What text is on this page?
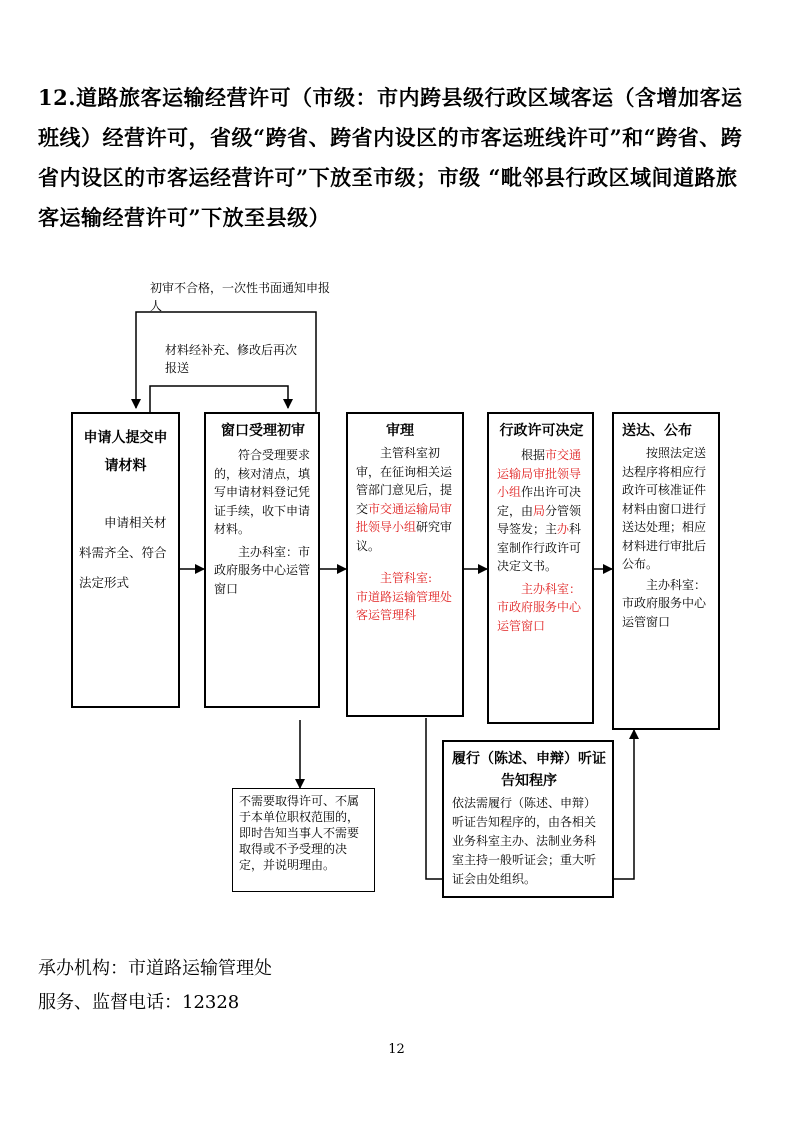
12.道路旅客运输经营许可（市级：市内跨县级行政区域客运（含增加客运班线）经营许可，省级“跨省、跨省内设区的市客运班线许可”和“跨省、跨省内设区的市客运经营许可”下放至市级；市级 “毗邻县行政区域间道路旅客运输经营许可”下放至县级）
初审不合格，一次性书面通知申报人
材料经补充、修改后再次报送
申请人提交申请材料
申请相关材料需齐全、符合法定形式
窗口受理初审
符合受理要求的，核对清点，填写申请材料登记凭证手续，收下申请材料。
主办科室：市政府服务中心运管窗口
审理
主管科室初审，在征询相关运管部门意见后，提交市交通运输局审批领导小组研究审议。
主管科室:
市道路运输管理处客运管理科
行政许可决定
根据市交通运输局审批领导小组作出许可决定，由局分管领导签发；主办科室制作行政许可决定文书。
主办科室：市政府服务中心运管窗口
送达、公布
按照法定送达程序将相应行政许可核准证件材料由窗口进行送达处理；相应材料进行审批后公布。
主办科室：市政府服务中心运管窗口
不需要取得许可、不属于本单位职权范围的，即时告知当事人不需要取得或不予受理的决定，并说明理由。
履行（陈述、申辩）听证告知程序
依法需履行（陈述、申辩）听证告知程序的，由各相关业务科室主办、法制业务科室主持一般听证会；重大听证会由处组织。
承办机构：市道路运输管理处
服务、监督电话：12328
12
